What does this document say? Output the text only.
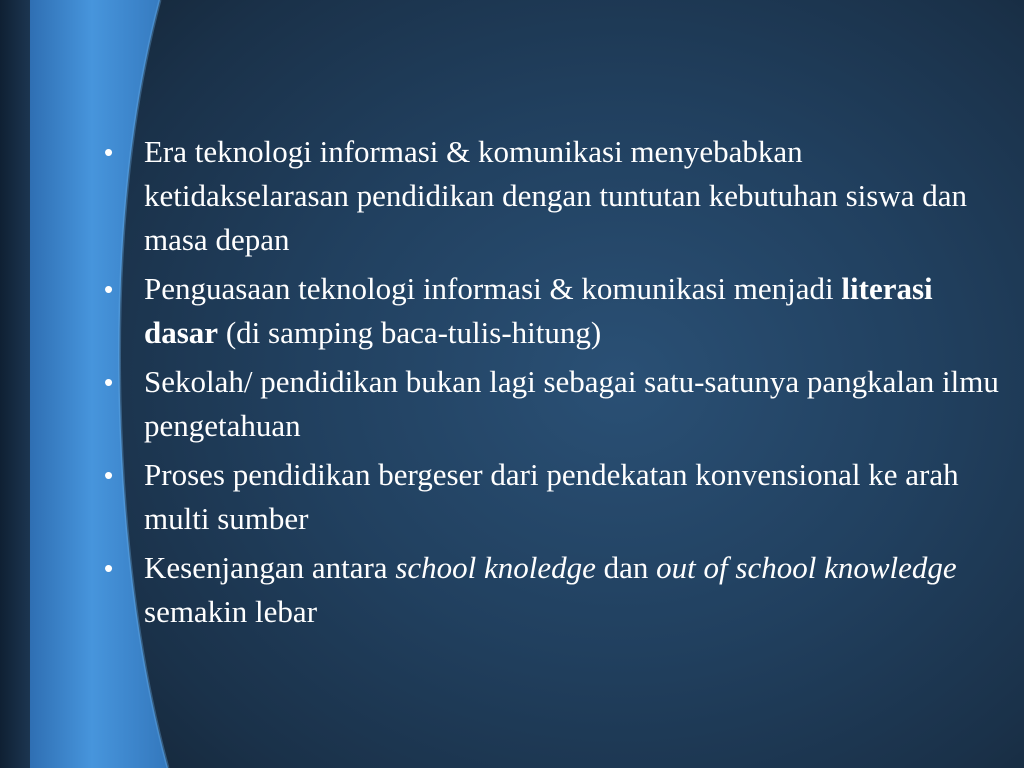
• Era teknologi informasi & komunikasi menyebabkan ketidakselarasan pendidikan dengan tuntutan kebutuhan siswa dan masa depan
• Penguasaan teknologi informasi & komunikasi menjadi literasi dasar (di samping baca-tulis-hitung)
• Sekolah/ pendidikan bukan lagi sebagai satu-satunya pangkalan ilmu pengetahuan
• Proses pendidikan bergeser dari pendekatan konvensional ke arah multi sumber
• Kesenjangan antara school knoledge dan out of school knowledge semakin lebar
